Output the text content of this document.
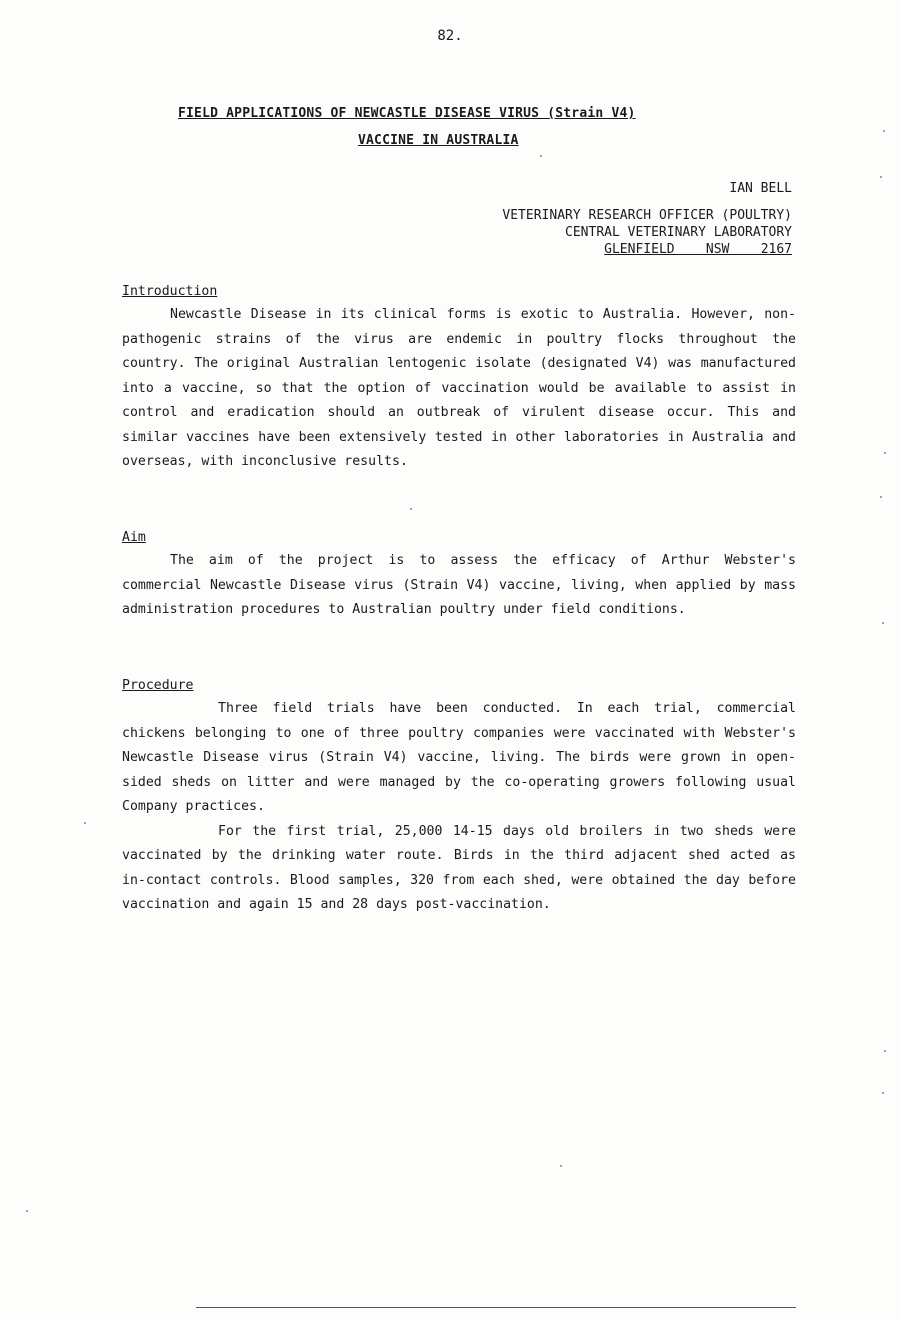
82.
FIELD APPLICATIONS OF NEWCASTLE DISEASE VIRUS (Strain V4)
VACCINE IN AUSTRALIA
IAN BELL
VETERINARY RESEARCH OFFICER (POULTRY)
CENTRAL VETERINARY LABORATORY
GLENFIELD    NSW    2167
Introduction

Newcastle Disease in its clinical forms is exotic to Australia. However, non-pathogenic strains of the virus are endemic in poultry flocks throughout the country. The original Australian lentogenic isolate (designated V4) was manufactured into a vaccine, so that the option of vaccination would be available to assist in control and eradication should an outbreak of virulent disease occur. This and similar vaccines have been extensively tested in other laboratories in Australia and overseas, with inconclusive results.

Aim

The aim of the project is to assess the efficacy of Arthur Webster's commercial Newcastle Disease virus (Strain V4) vaccine, living, when applied by mass administration procedures to Australian poultry under field conditions.

Procedure

Three field trials have been conducted. In each trial, commercial chickens belonging to one of three poultry companies were vaccinated with Webster's Newcastle Disease virus (Strain V4) vaccine, living. The birds were grown in open-sided sheds on litter and were managed by the co-operating growers following usual Company practices.

For the first trial, 25,000 14-15 days old broilers in two sheds were vaccinated by the drinking water route. Birds in the third adjacent shed acted as in-contact controls. Blood samples, 320 from each shed, were obtained the day before vaccination and again 15 and 28 days post-vaccination.
